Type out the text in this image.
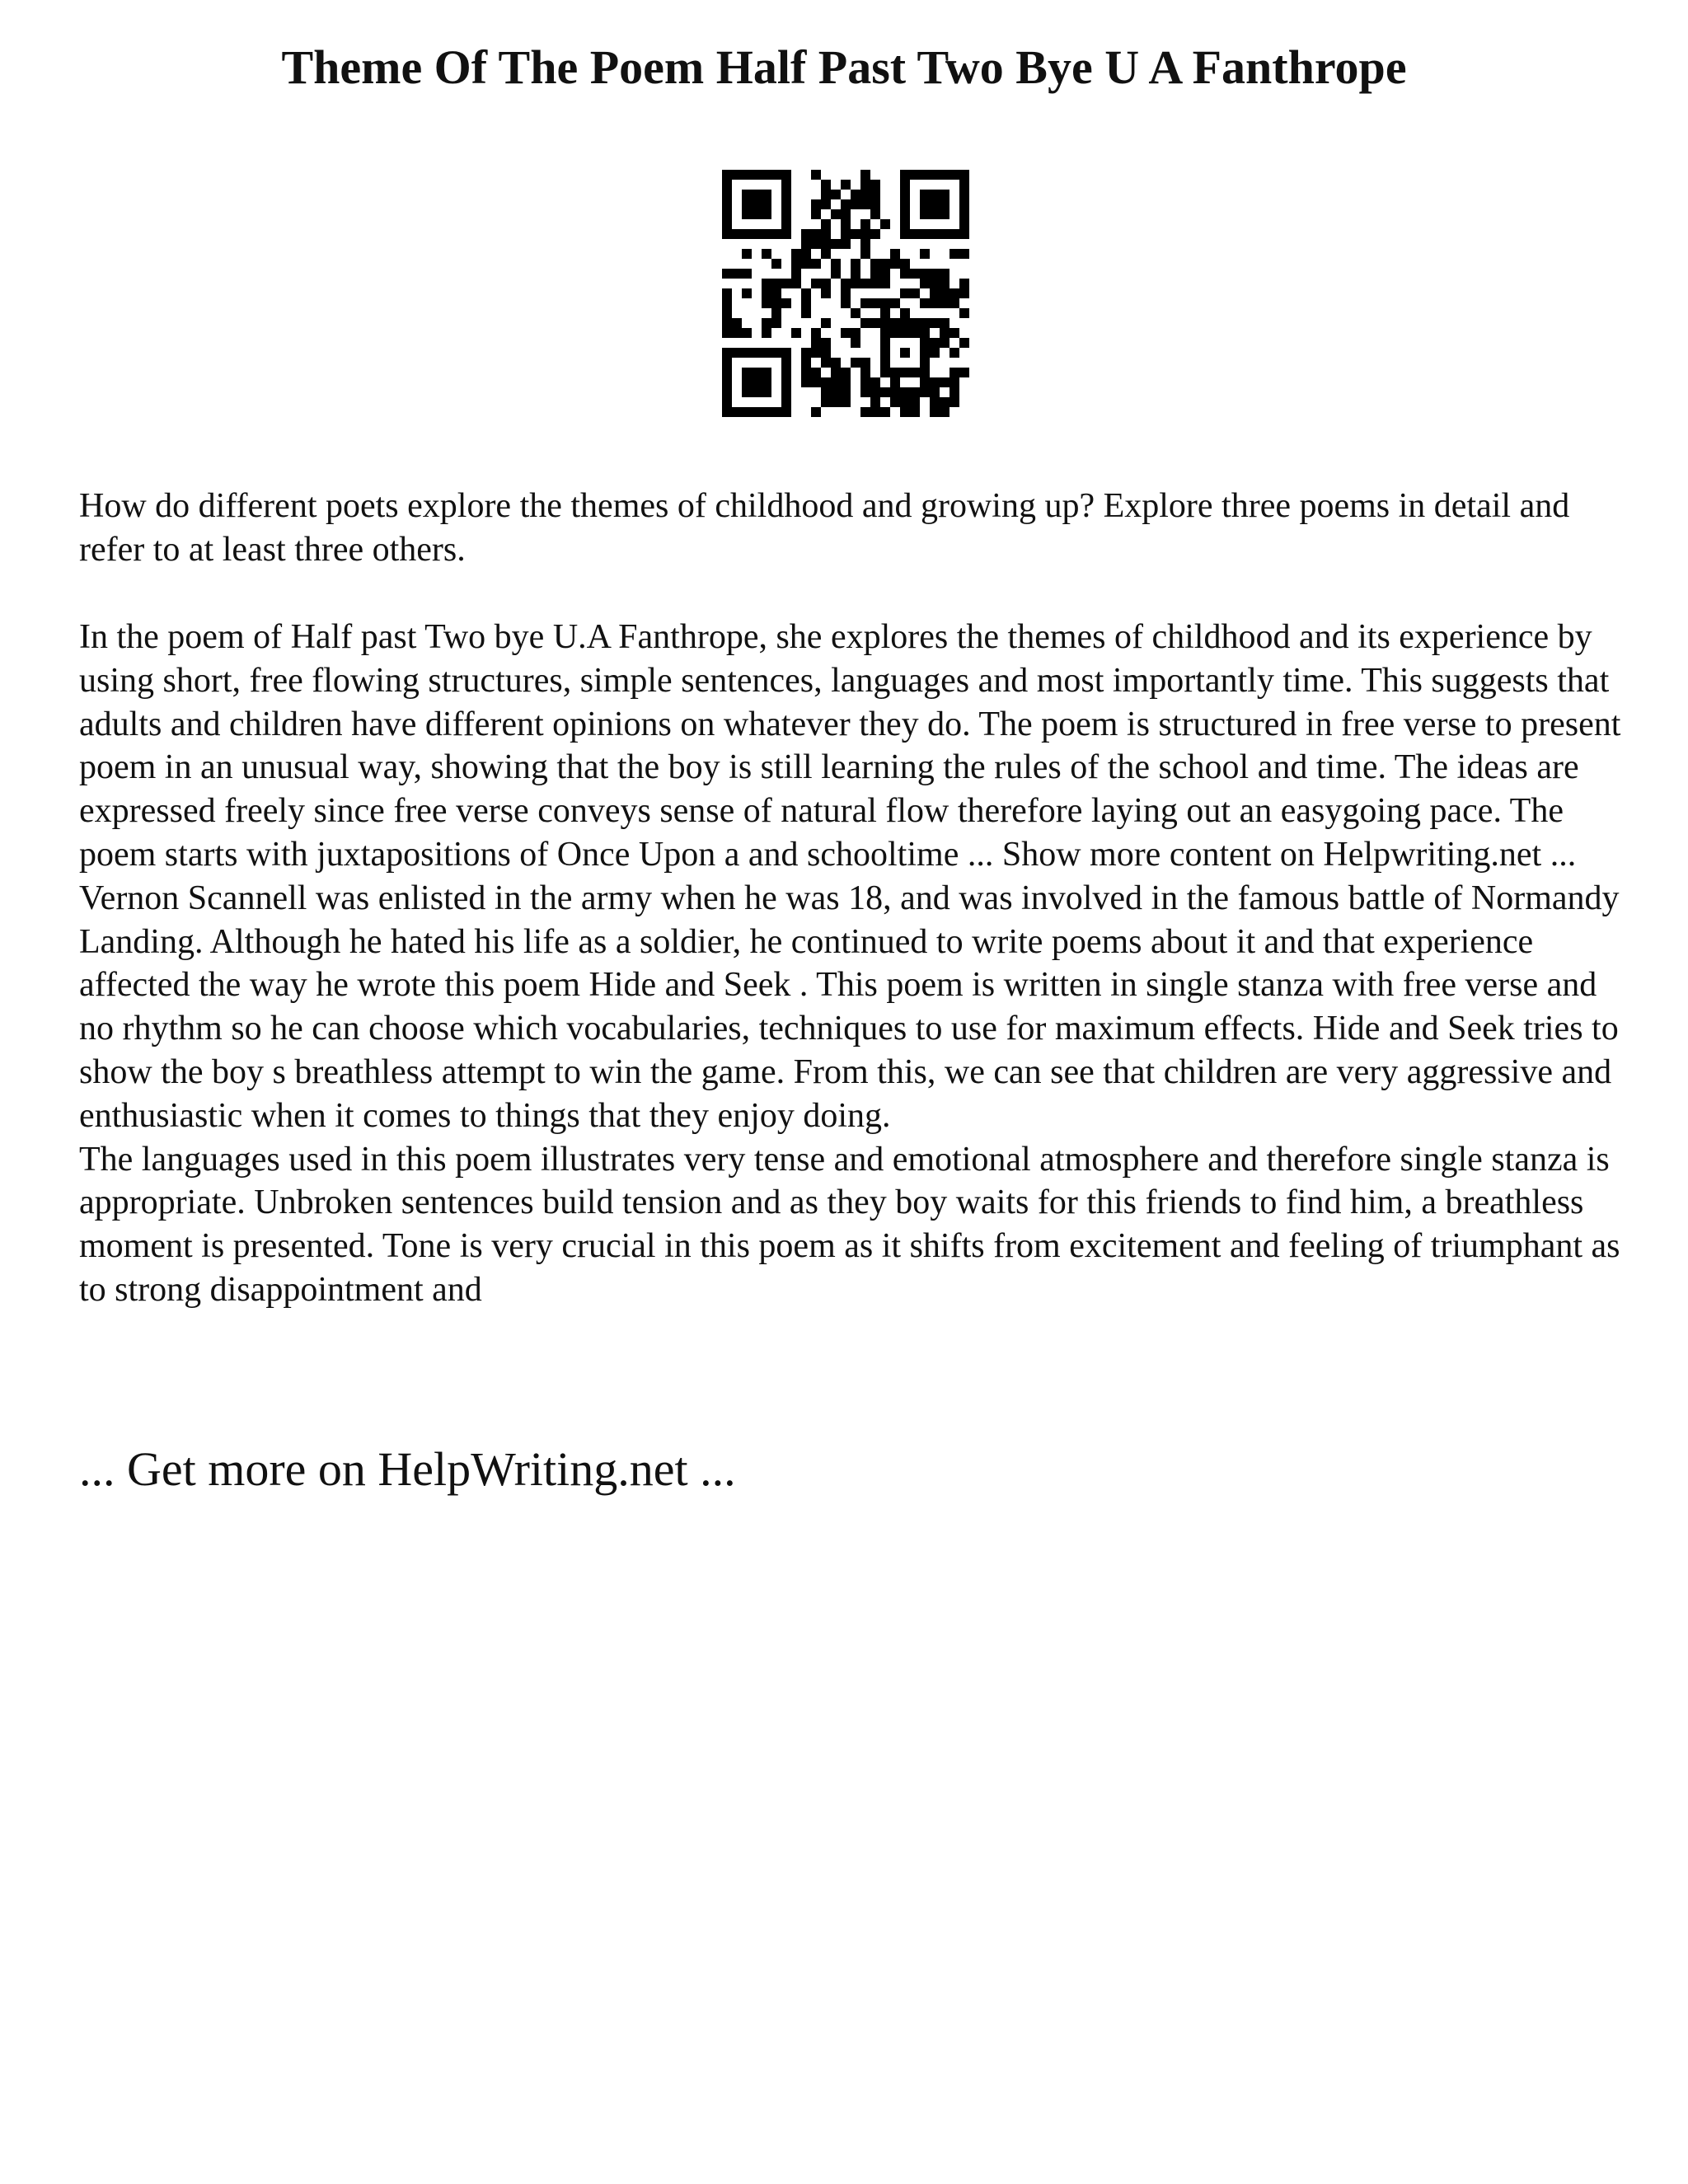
Theme Of The Poem Half Past Two Bye U A Fanthrope

How do different poets explore the themes of childhood and growing up? Explore three poems in detail and refer to at least three others.

In the poem of Half past Two bye U.A Fanthrope, she explores the themes of childhood and its experience by using short, free flowing structures, simple sentences, languages and most importantly time. This suggests that adults and children have different opinions on whatever they do. The poem is structured in free verse to present poem in an unusual way, showing that the boy is still learning the rules of the school and time. The ideas are expressed freely since free verse conveys sense of natural flow therefore laying out an easygoing pace. The poem starts with juxtapositions of Once Upon a and schooltime ... Show more content on Helpwriting.net ...

Vernon Scannell was enlisted in the army when he was 18, and was involved in the famous battle of Normandy Landing. Although he hated his life as a soldier, he continued to write poems about it and that experience affected the way he wrote this poem Hide and Seek . This poem is written in single stanza with free verse and no rhythm so he can choose which vocabularies, techniques to use for maximum effects. Hide and Seek tries to show the boy s breathless attempt to win the game. From this, we can see that children are very aggressive and enthusiastic when it comes to things that they enjoy doing.

The languages used in this poem illustrates very tense and emotional atmosphere and therefore single stanza is appropriate. Unbroken sentences build tension and as they boy waits for this friends to find him, a breathless moment is presented. Tone is very crucial in this poem as it shifts from excitement and feeling of triumphant as to strong disappointment and

... Get more on HelpWriting.net ...
